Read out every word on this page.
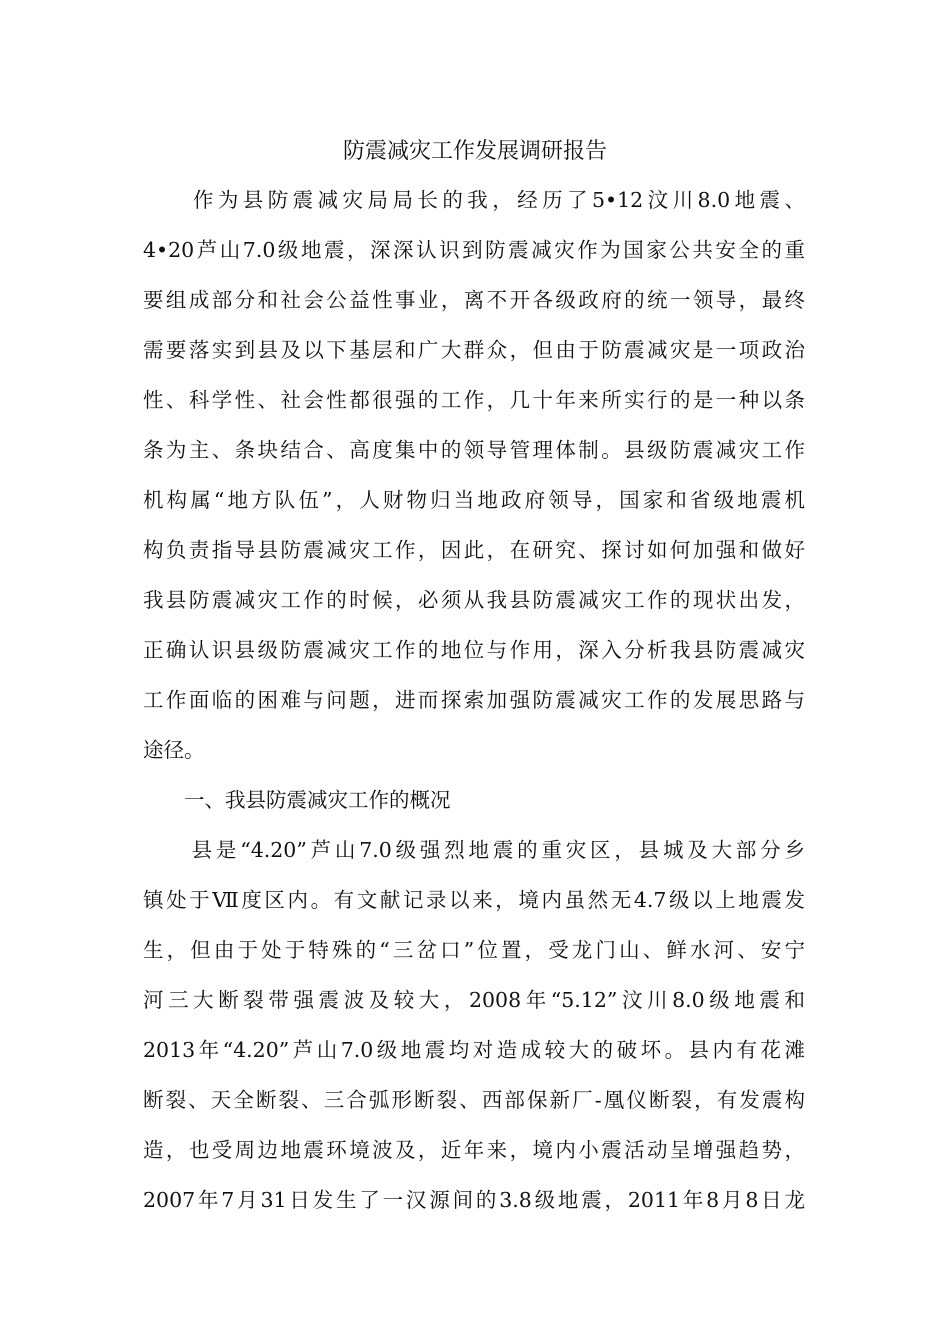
防震减灾工作发展调研报告
　　作为县防震减灾局局长的我，经历了5•12汶川8.0地震、
4•20芦山7.0级地震，深深认识到防震减灾作为国家公共安全的重
要组成部分和社会公益性事业，离不开各级政府的统一领导，最终
需要落实到县及以下基层和广大群众，但由于防震减灾是一项政治
性、科学性、社会性都很强的工作，几十年来所实行的是一种以条
条为主、条块结合、高度集中的领导管理体制。县级防震减灾工作
机构属“地方队伍”，人财物归当地政府领导，国家和省级地震机
构负责指导县防震减灾工作，因此，在研究、探讨如何加强和做好
我县防震减灾工作的时候，必须从我县防震减灾工作的现状出发，
正确认识县级防震减灾工作的地位与作用，深入分析我县防震减灾
工作面临的困难与问题，进而探索加强防震减灾工作的发展思路与
途径。
　　一、我县防震减灾工作的概况
　　县是“4.20”芦山7.0级强烈地震的重灾区，县城及大部分乡
镇处于Ⅶ度区内。有文献记录以来，境内虽然无4.7级以上地震发
生，但由于处于特殊的“三岔口”位置，受龙门山、鲜水河、安宁
河三大断裂带强震波及较大，2008年“5.12”汶川8.0级地震和
2013年“4.20”芦山7.0级地震均对造成较大的破坏。县内有花滩
断裂、天全断裂、三合弧形断裂、西部保新厂-凰仪断裂，有发震构
造，也受周边地震环境波及，近年来，境内小震活动呈增强趋势，
2007年7月31日发生了一汉源间的3.8级地震，2011年8月8日龙
